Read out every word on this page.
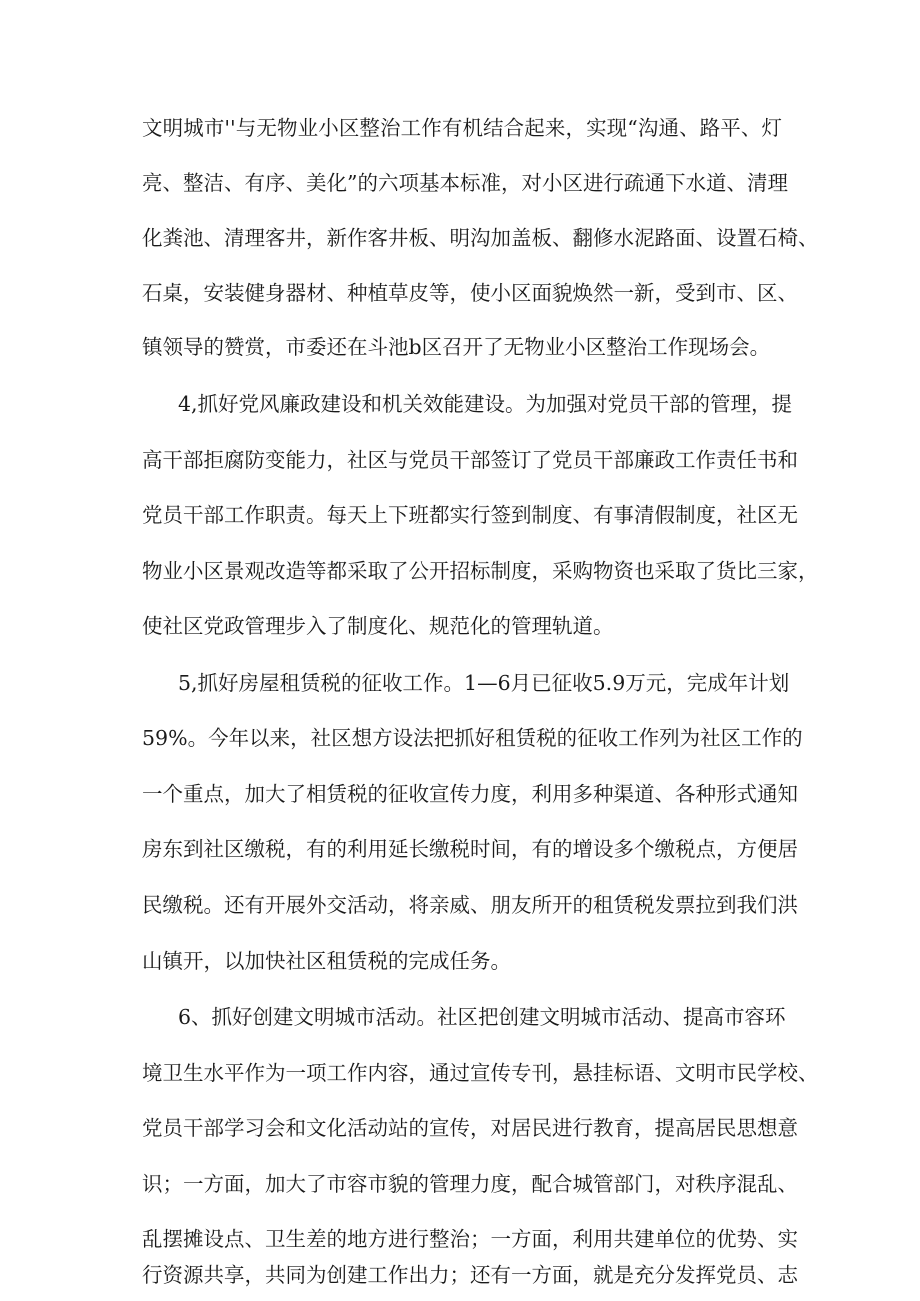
文明城市''与无物业小区整治工作有机结合起来，实现“沟通、路平、灯
亮、整洁、有序、美化”的六项基本标准，对小区进行疏通下水道、清理
化粪池、清理客井，新作客井板、明沟加盖板、翻修水泥路面、设置石椅、
石桌，安装健身器材、种植草皮等，使小区面貌焕然一新，受到市、区、
镇领导的赞赏，市委还在斗池b区召开了无物业小区整治工作现场会。
4,抓好党风廉政建设和机关效能建设。为加强对党员干部的管理，提
高干部拒腐防变能力，社区与党员干部签订了党员干部廉政工作责任书和
党员干部工作职责。每天上下班都实行签到制度、有事清假制度，社区无
物业小区景观改造等都采取了公开招标制度，采购物资也采取了货比三家，
使社区党政管理步入了制度化、规范化的管理轨道。
5,抓好房屋租赁税的征收工作。1—6月已征收5.9万元，完成年计划
59%。今年以来，社区想方设法把抓好租赁税的征收工作列为社区工作的
一个重点，加大了相赁税的征收宣传力度，利用多种渠道、各种形式通知
房东到社区缴税，有的利用延长缴税时间，有的增设多个缴税点，方便居
民缴税。还有开展外交活动，将亲威、朋友所开的租赁税发票拉到我们洪
山镇开，以加快社区租赁税的完成任务。
6、抓好创建文明城市活动。社区把创建文明城市活动、提高市容环
境卫生水平作为一项工作内容，通过宣传专刊，悬挂标语、文明市民学校、
党员干部学习会和文化活动站的宣传，对居民进行教育，提高居民思想意
识；一方面，加大了市容市貌的管理力度，配合城管部门，对秩序混乱、
乱摆摊设点、卫生差的地方进行整治；一方面，利用共建单位的优势、实
行资源共享，共同为创建工作出力；还有一方面，就是充分发挥党员、志
